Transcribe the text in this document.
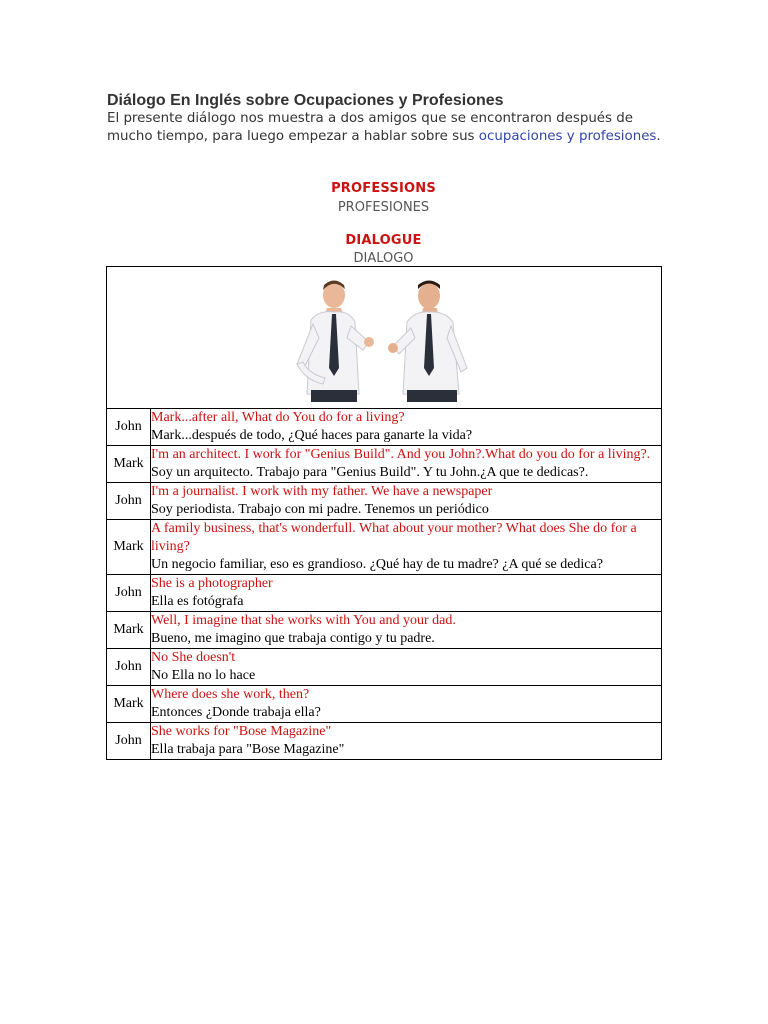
Diálogo En Inglés sobre Ocupaciones y Profesiones

El presente diálogo nos muestra a dos amigos que se encontraron después de mucho tiempo, para luego empezar a hablar sobre sus ocupaciones y profesiones.

PROFESSIONS
PROFESIONES
DIALOGUE
DIALOGO

John	Mark...after all, What do You do for a living?
Mark...después de todo, ¿Qué haces para ganarte la vida?

Mark	I'm an architect. I work for "Genius Build". And you John?.What do you do for a living?.
Soy un arquitecto. Trabajo para "Genius Build". Y tu John.¿A que te dedicas?.

John	I'm a journalist. I work with my father. We have a newspaper
Soy periodista. Trabajo con mi padre. Tenemos un periódico

Mark	A family business, that's wonderfull. What about your mother? What does She do for a living?
Un negocio familiar, eso es grandioso. ¿Qué hay de tu madre? ¿A qué se dedica?

John	She is a photographer
Ella es fotógrafa

Mark	Well, I imagine that she works with You and your dad.
Bueno, me imagino que trabaja contigo y tu padre.

John	No She doesn't
No Ella no lo hace

Mark	Where does she work, then?
Entonces ¿Donde trabaja ella?

John	She works for "Bose Magazine"
Ella trabaja para "Bose Magazine"
